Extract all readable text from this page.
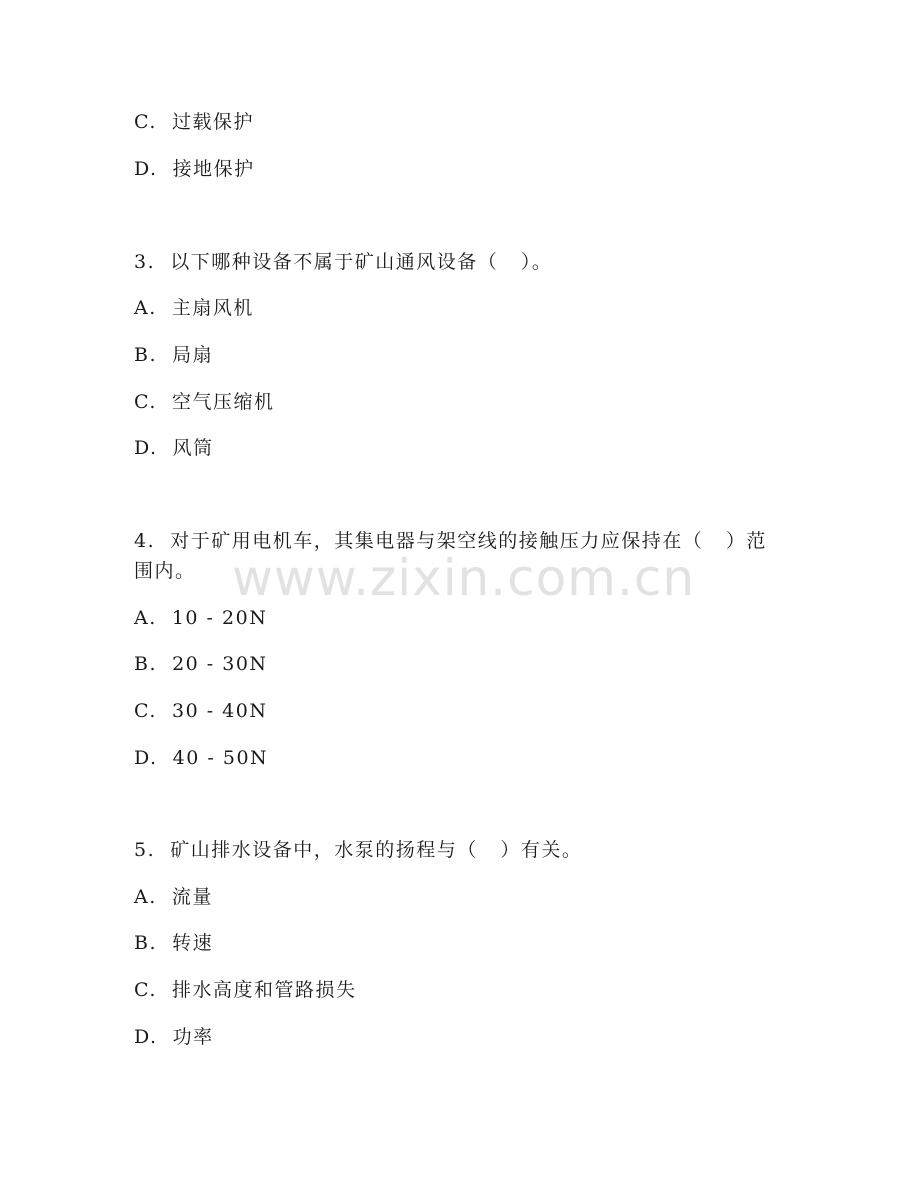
C.  过载保护
D.  接地保护
3.  以下哪种设备不属于矿山通风设备（   ）。
A.  主扇风机
B.  局扇
C.  空气压缩机
D.  风筒
4.  对于矿用电机车，其集电器与架空线的接触压力应保持在（   ）范
围内。
A.  10 - 20N
B.  20 - 30N
C.  30 - 40N
D.  40 - 50N
5.  矿山排水设备中，水泵的扬程与（   ）有关。
A.  流量
B.  转速
C.  排水高度和管路损失
D.  功率
www.zixin.com.cn
